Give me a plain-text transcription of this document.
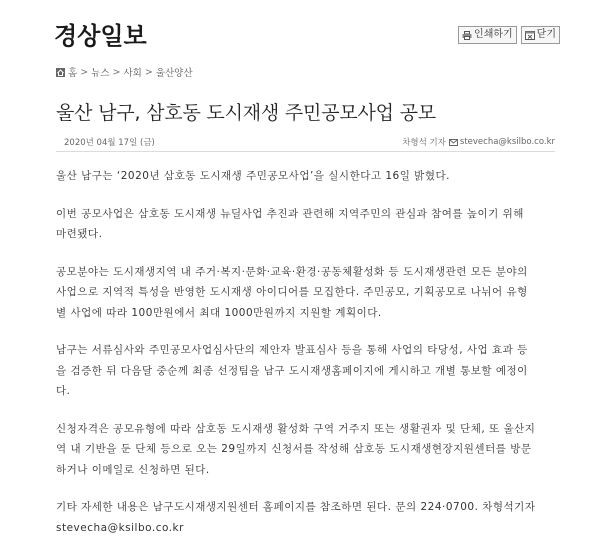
경상일보	인쇄하기 닫기
홈 > 뉴스 > 사회 > 울산양산
울산 남구, 삼호동 도시재생 주민공모사업 공모
2020년 04월 17일 (금)	차형석 기자 stevecha@ksilbo.co.kr

울산 남구는 ‘2020년 삼호동 도시재생 주민공모사업’을 실시한다고 16일 밝혔다.

이번 공모사업은 삼호동 도시재생 뉴딜사업 추진과 관련해 지역주민의 관심과 참여를 높이기 위해
마련됐다.

공모분야는 도시재생지역 내 주거·복지·문화·교육·환경·공동체활성화 등 도시재생관련 모든 분야의
사업으로 지역적 특성을 반영한 도시재생 아이디어를 모집한다. 주민공모, 기획공모로 나뉘어 유형
별 사업에 따라 100만원에서 최대 1000만원까지 지원할 계획이다.

남구는 서류심사와 주민공모사업심사단의 제안자 발표심사 등을 통해 사업의 타당성, 사업 효과 등
을 검증한 뒤 다음달 중순께 최종 선정팀을 남구 도시재생홈페이지에 게시하고 개별 통보할 예정이
다.

신청자격은 공모유형에 따라 삼호동 도시재생 활성화 구역 거주지 또는 생활권자 및 단체, 또 울산지
역 내 기반을 둔 단체 등으로 오는 29일까지 신청서를 작성해 삼호동 도시재생현장지원센터를 방문
하거나 이메일로 신청하면 된다.

기타 자세한 내용은 남구도시재생지원센터 홈페이지를 참조하면 된다. 문의 224·0700. 차형석기자
stevecha@ksilbo.co.kr
